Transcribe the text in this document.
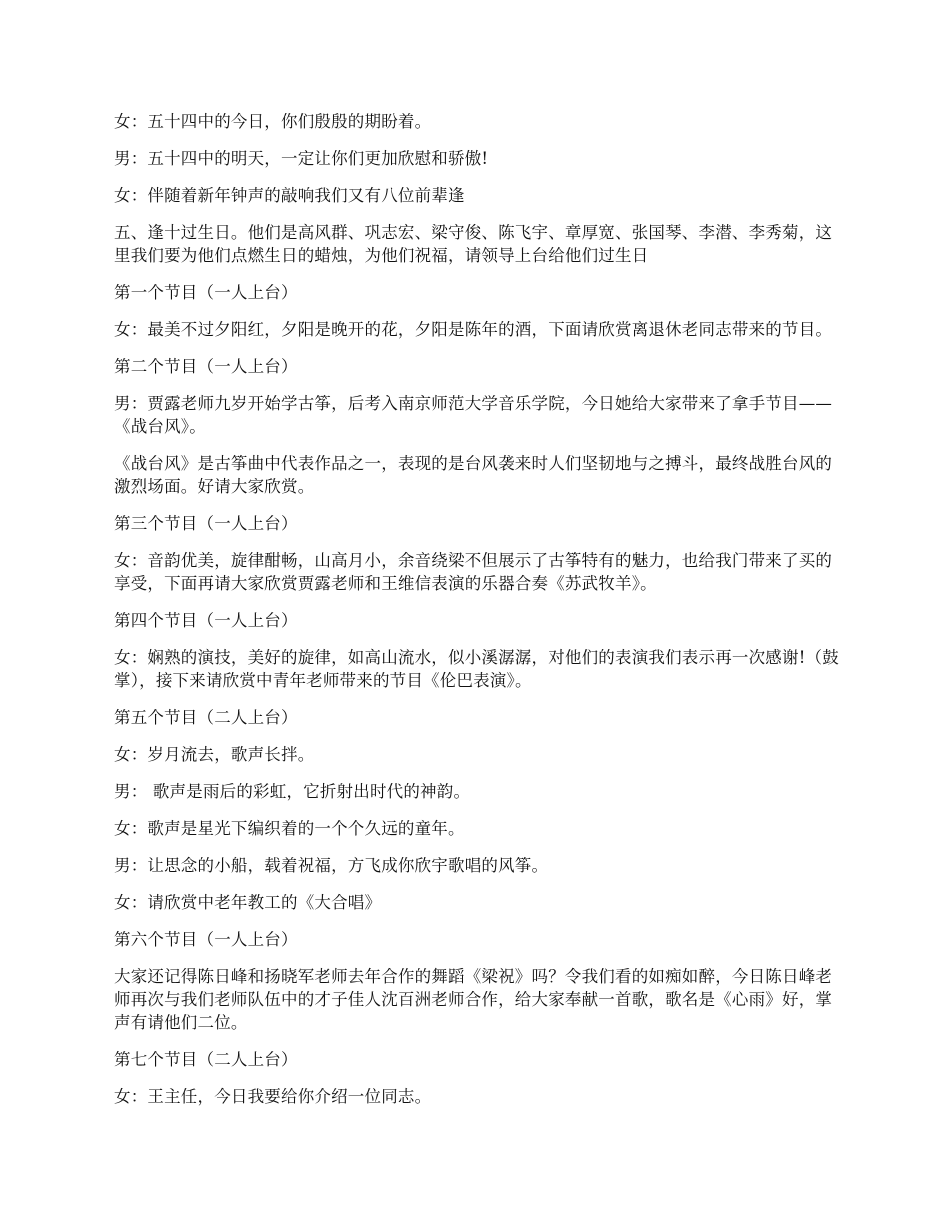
女：五十四中的今日，你们殷殷的期盼着。

男：五十四中的明天，一定让你们更加欣慰和骄傲!

女：伴随着新年钟声的敲响我们又有八位前辈逢

五、逢十过生日。他们是高风群、巩志宏、梁守俊、陈飞宇、章厚宽、张国琴、李潜、李秀菊，这里我们要为他们点燃生日的蜡烛，为他们祝福，请领导上台给他们过生日

第一个节目（一人上台）

女：最美不过夕阳红，夕阳是晚开的花，夕阳是陈年的酒，下面请欣赏离退休老同志带来的节目。

第二个节目（一人上台）

男：贾露老师九岁开始学古筝，后考入南京师范大学音乐学院，今日她给大家带来了拿手节目——《战台风》。

《战台风》是古筝曲中代表作品之一，表现的是台风袭来时人们坚韧地与之搏斗，最终战胜台风的激烈场面。好请大家欣赏。

第三个节目（一人上台）

女：音韵优美，旋律酣畅，山高月小，余音绕梁不但展示了古筝特有的魅力，也给我门带来了买的享受，下面再请大家欣赏贾露老师和王维信表演的乐器合奏《苏武牧羊》。

第四个节目（一人上台）

女：娴熟的演技，美好的旋律，如高山流水，似小溪潺潺，对他们的表演我们表示再一次感谢!（鼓掌），接下来请欣赏中青年老师带来的节目《伦巴表演》。

第五个节目（二人上台）

女：岁月流去，歌声长拌。

男： 歌声是雨后的彩虹，它折射出时代的神韵。

女：歌声是星光下编织着的一个个久远的童年。

男：让思念的小船，载着祝福，方飞成你欣宇歌唱的风筝。

女：请欣赏中老年教工的《大合唱》

第六个节目（一人上台）

大家还记得陈日峰和扬晓军老师去年合作的舞蹈《梁祝》吗？令我们看的如痴如醉，今日陈日峰老师再次与我们老师队伍中的才子佳人沈百洲老师合作，给大家奉献一首歌，歌名是《心雨》好，掌声有请他们二位。

第七个节目（二人上台）

女：王主任，今日我要给你介绍一位同志。
